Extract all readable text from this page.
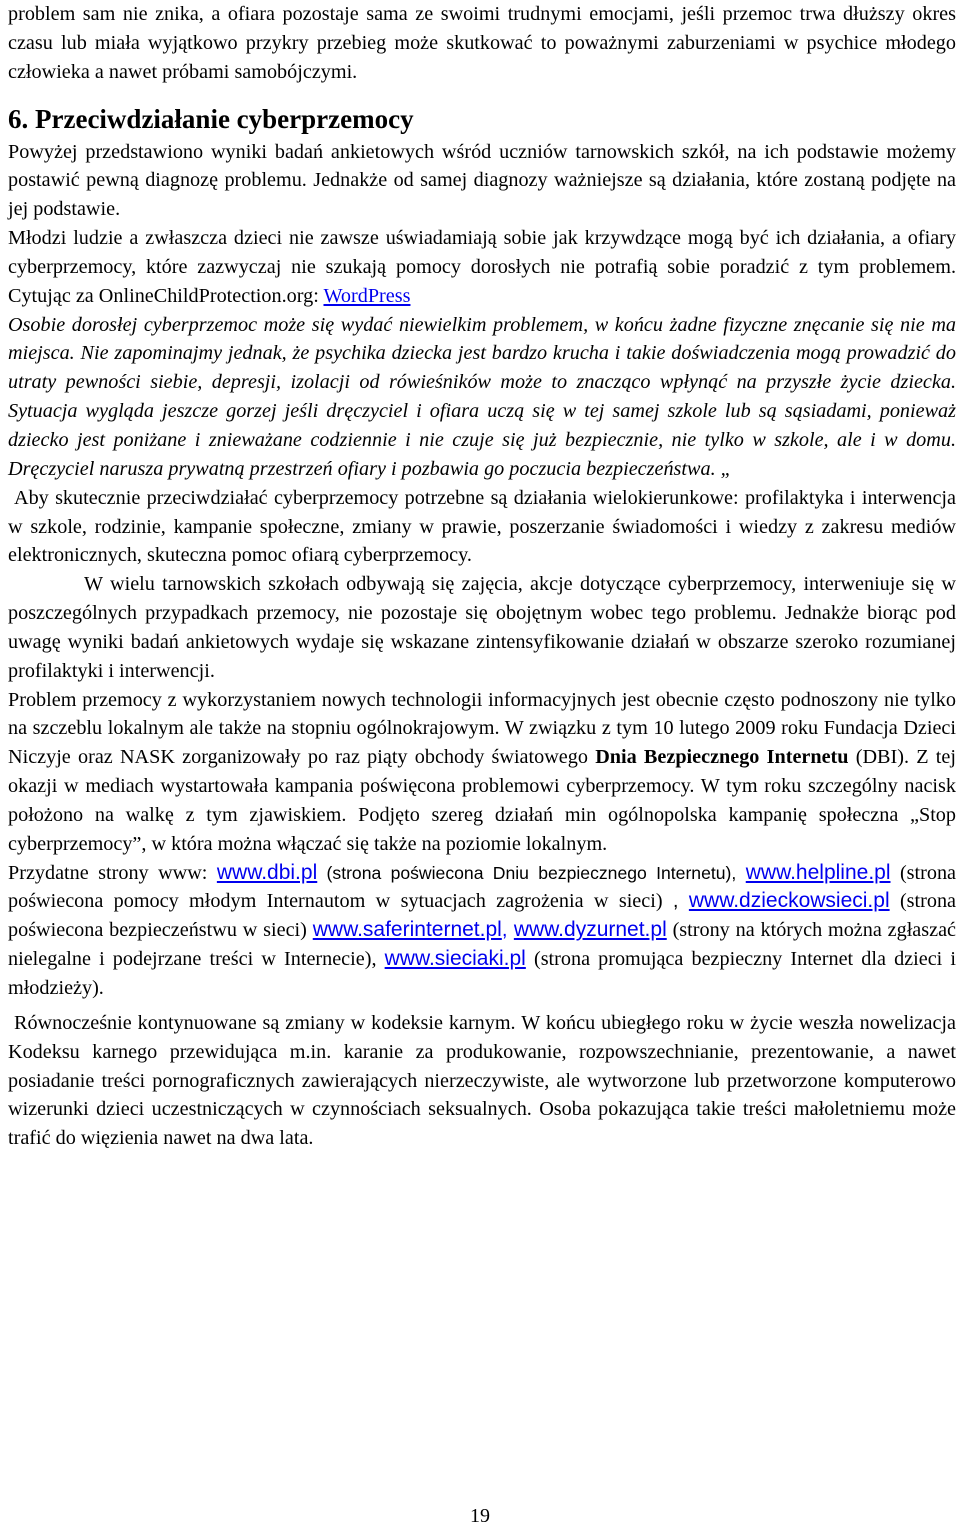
problem sam nie znika, a ofiara pozostaje sama ze swoimi trudnymi emocjami, jeśli przemoc trwa dłuższy okres czasu lub miała wyjątkowo przykry przebieg może skutkować to poważnymi zaburzeniami w psychice młodego człowieka a nawet próbami samobójczymi.

6. Przeciwdziałanie cyberprzemocy

Powyżej przedstawiono wyniki badań ankietowych wśród uczniów tarnowskich szkół, na ich podstawie możemy postawić pewną diagnozę problemu. Jednakże od samej diagnozy ważniejsze są działania, które zostaną podjęte na jej podstawie.

Młodzi ludzie a zwłaszcza dzieci nie zawsze uświadamiają sobie jak krzywdzące mogą być ich działania, a ofiary cyberprzemocy, które zazwyczaj nie szukają pomocy dorosłych nie potrafią sobie poradzić z tym problemem. Cytując za OnlineChildProtection.org: WordPress
Osobie dorosłej cyberprzemoc może się wydać niewielkim problemem, w końcu żadne fizyczne znęcanie się nie ma miejsca. Nie zapominajmy jednak, że psychika dziecka jest bardzo krucha i takie doświadczenia mogą prowadzić do utraty pewności siebie, depresji, izolacji od rówieśników może to znacząco wpłynąć na przyszłe życie dziecka. Sytuacja wygląda jeszcze gorzej jeśli dręczyciel i ofiara uczą się w tej samej szkole lub są sąsiadami, ponieważ dziecko jest poniżane i znieważane codziennie i nie czuje się już bezpiecznie, nie tylko w szkole, ale i w domu. Dręczyciel narusza prywatną przestrzeń ofiary i pozbawia go poczucia bezpieczeństwa. „

Aby skutecznie przeciwdziałać cyberprzemocy potrzebne są działania wielokierunkowe: profilaktyka i interwencja w szkole, rodzinie, kampanie społeczne, zmiany w prawie, poszerzanie świadomości i wiedzy z zakresu mediów elektronicznych, skuteczna pomoc ofiarą cyberprzemocy.

W wielu tarnowskich szkołach odbywają się zajęcia, akcje dotyczące cyberprzemocy, interweniuje się w poszczególnych przypadkach przemocy, nie pozostaje się obojętnym wobec tego problemu. Jednakże biorąc pod uwagę wyniki badań ankietowych wydaje się wskazane zintensyfikowanie działań w obszarze szeroko rozumianej profilaktyki i interwencji.

Problem przemocy z wykorzystaniem nowych technologii informacyjnych jest obecnie często podnoszony nie tylko na szczeblu lokalnym ale także na stopniu ogólnokrajowym. W związku z tym 10 lutego 2009 roku Fundacja Dzieci Niczyje oraz NASK zorganizowały po raz piąty obchody światowego Dnia Bezpiecznego Internetu (DBI). Z tej okazji w mediach wystartowała kampania poświęcona problemowi cyberprzemocy. W tym roku szczególny nacisk położono na walkę z tym zjawiskiem. Podjęto szereg działań min ogólnopolska kampanię społeczna „Stop cyberprzemocy”, w która można włączać się także na poziomie lokalnym.

Przydatne strony www: www.dbi.pl (strona poświecona Dniu bezpiecznego Internetu), www.helpline.pl (strona poświecona pomocy młodym Internautom w sytuacjach zagrożenia w sieci) , www.dzieckowsieci.pl (strona poświecona bezpieczeństwu w sieci) www.saferinternet.pl, www.dyzurnet.pl (strony na których można zgłaszać nielegalne i podejrzane treści w Internecie), www.sieciaki.pl (strona promująca bezpieczny Internet dla dzieci i młodzieży).

Równocześnie kontynuowane są zmiany w kodeksie karnym. W końcu ubiegłego roku w życie weszła nowelizacja Kodeksu karnego przewidująca m.in. karanie za produkowanie, rozpowszechnianie, prezentowanie, a nawet posiadanie treści pornograficznych zawierających nierzeczywiste, ale wytworzone lub przetworzone komputerowo wizerunki dzieci uczestniczących w czynnościach seksualnych. Osoba pokazująca takie treści małoletniemu może trafić do więzienia nawet na dwa lata.

19
